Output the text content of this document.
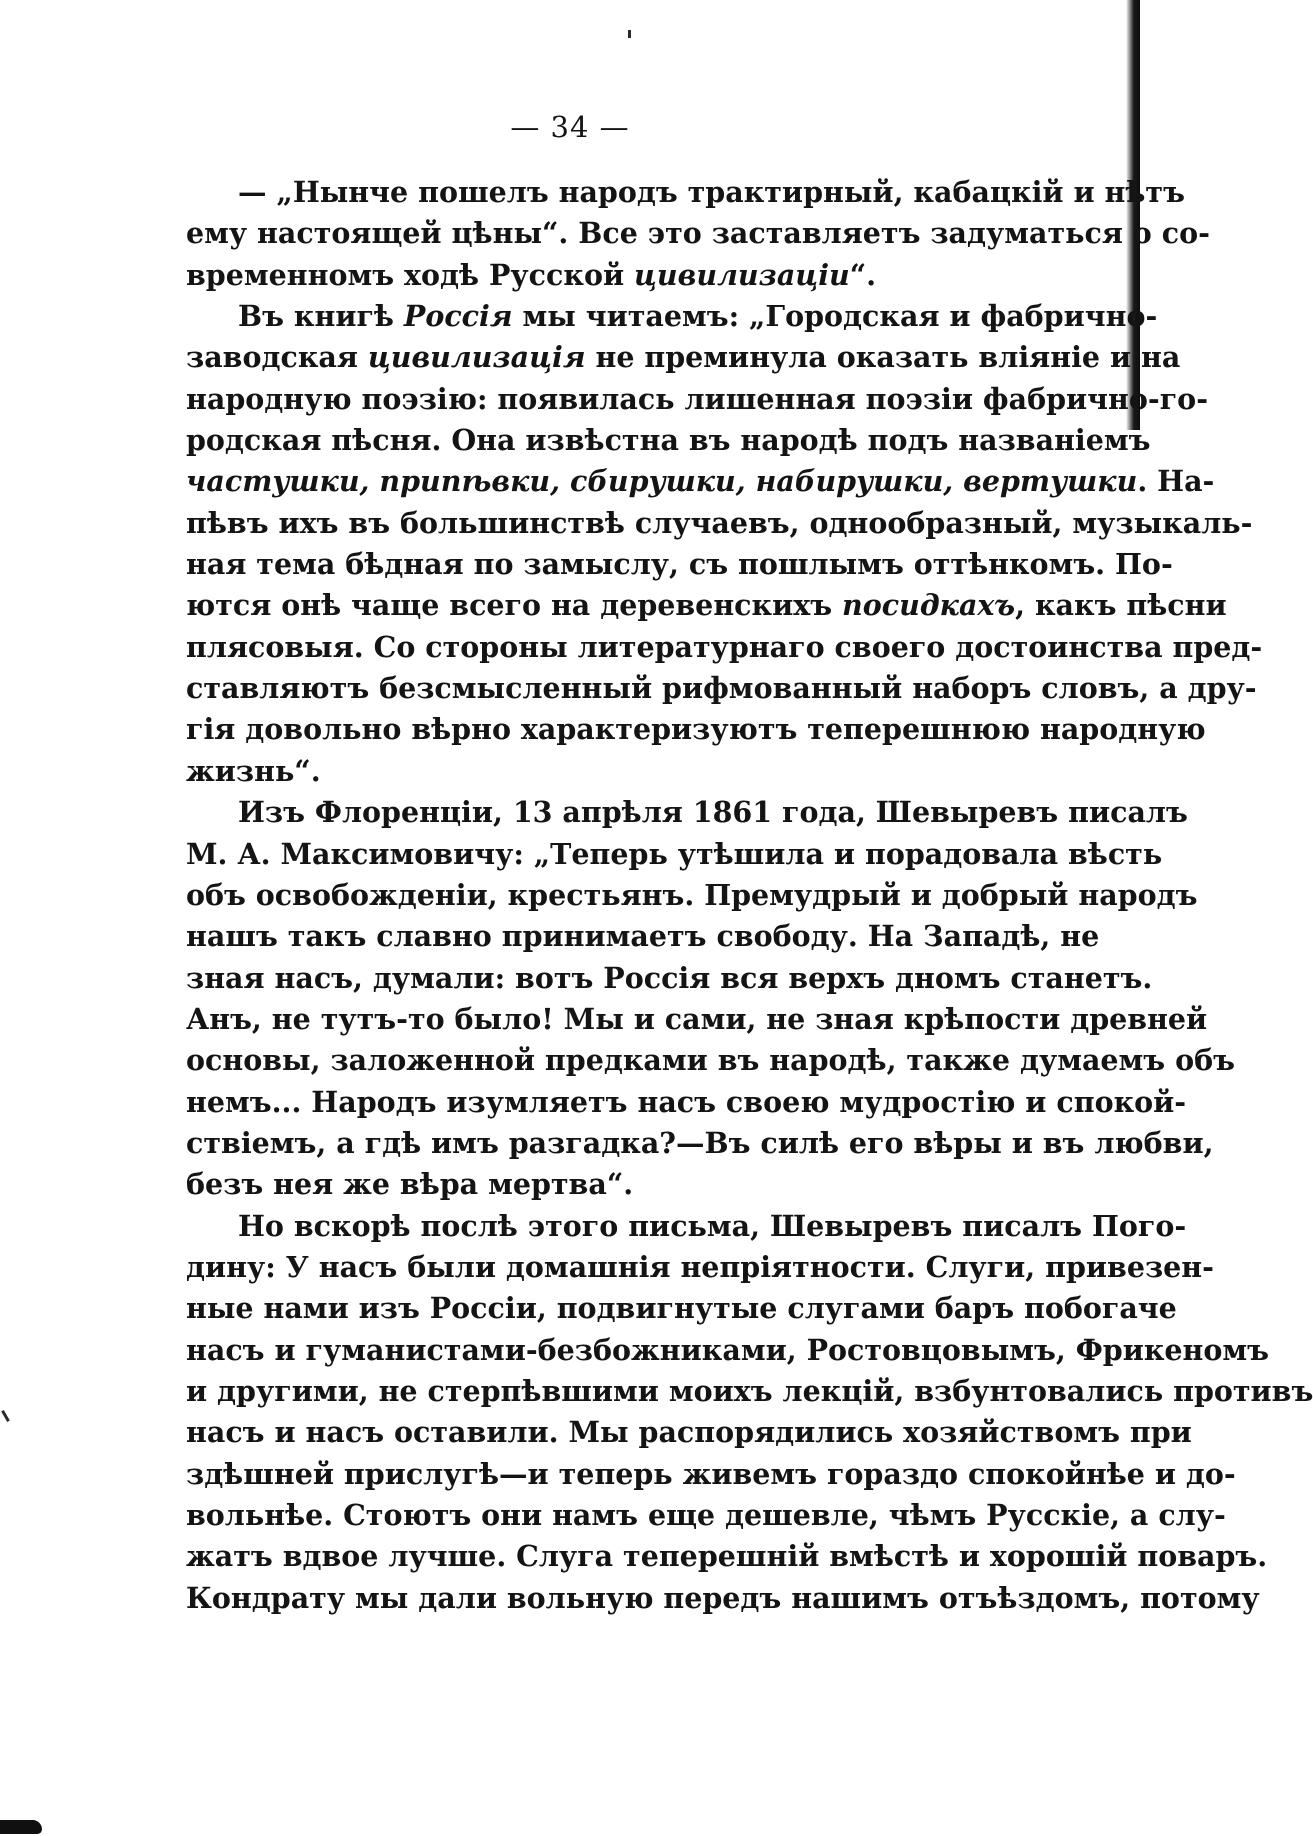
— 34 —
— „Нынче пошелъ народъ трактирный, кабацкій и нѣтъ
ему настоящей цѣны“. Все это заставляетъ задуматься о со-
временномъ ходѣ Русской цивилизаціи“.
Въ книгѣ Россія мы читаемъ: „Городская и фабрично-
заводская цивилизація не преминула оказать вліяніе и на
народную поэзію: появилась лишенная поэзіи фабрично-го-
родская пѣсня. Она извѣстна въ народѣ подъ названіемъ
частушки, припѣвки, сбирушки, набирушки, вертушки. На-
пѣвъ ихъ въ большинствѣ случаевъ, однообразный, музыкаль-
ная тема бѣдная по замыслу, съ пошлымъ оттѣнкомъ. По-
ются онѣ чаще всего на деревенскихъ посидкахъ, какъ пѣсни
плясовыя. Со стороны литературнаго своего достоинства пред-
ставляютъ безсмысленный рифмованный наборъ словъ, а дру-
гія довольно вѣрно характеризуютъ теперешнюю народную
жизнь“.
Изъ Флоренціи, 13 апрѣля 1861 года, Шевыревъ писалъ
М. А. Максимовичу: „Теперь утѣшила и порадовала вѣсть
объ освобожденіи, крестьянъ. Премудрый и добрый народъ
нашъ такъ славно принимаетъ свободу. На Западѣ, не
зная насъ, думали: вотъ Россія вся верхъ дномъ станетъ.
Анъ, не тутъ-то было! Мы и сами, не зная крѣпости древней
основы, заложенной предками въ народѣ, также думаемъ объ
немъ... Народъ изумляетъ насъ своею мудростію и спокой-
ствіемъ, а гдѣ имъ разгадка?—Въ силѣ его вѣры и въ любви,
безъ нея же вѣра мертва“.
Но вскорѣ послѣ этого письма, Шевыревъ писалъ Пого-
дину: У насъ были домашнія непріятности. Слуги, привезен-
ные нами изъ Россіи, подвигнутые слугами баръ побогаче
насъ и гуманистами-безбожниками, Ростовцовымъ, Фрикеномъ
и другими, не стерпѣвшими моихъ лекцій, взбунтовались противъ
насъ и насъ оставили. Мы распорядились хозяйствомъ при
здѣшней прислугѣ—и теперь живемъ гораздо спокойнѣе и до-
вольнѣе. Стоютъ они намъ еще дешевле, чѣмъ Русскіе, а слу-
жатъ вдвое лучше. Слуга теперешній вмѣстѣ и хорошій поваръ.
Кондрату мы дали вольную передъ нашимъ отъѣздомъ, потому
